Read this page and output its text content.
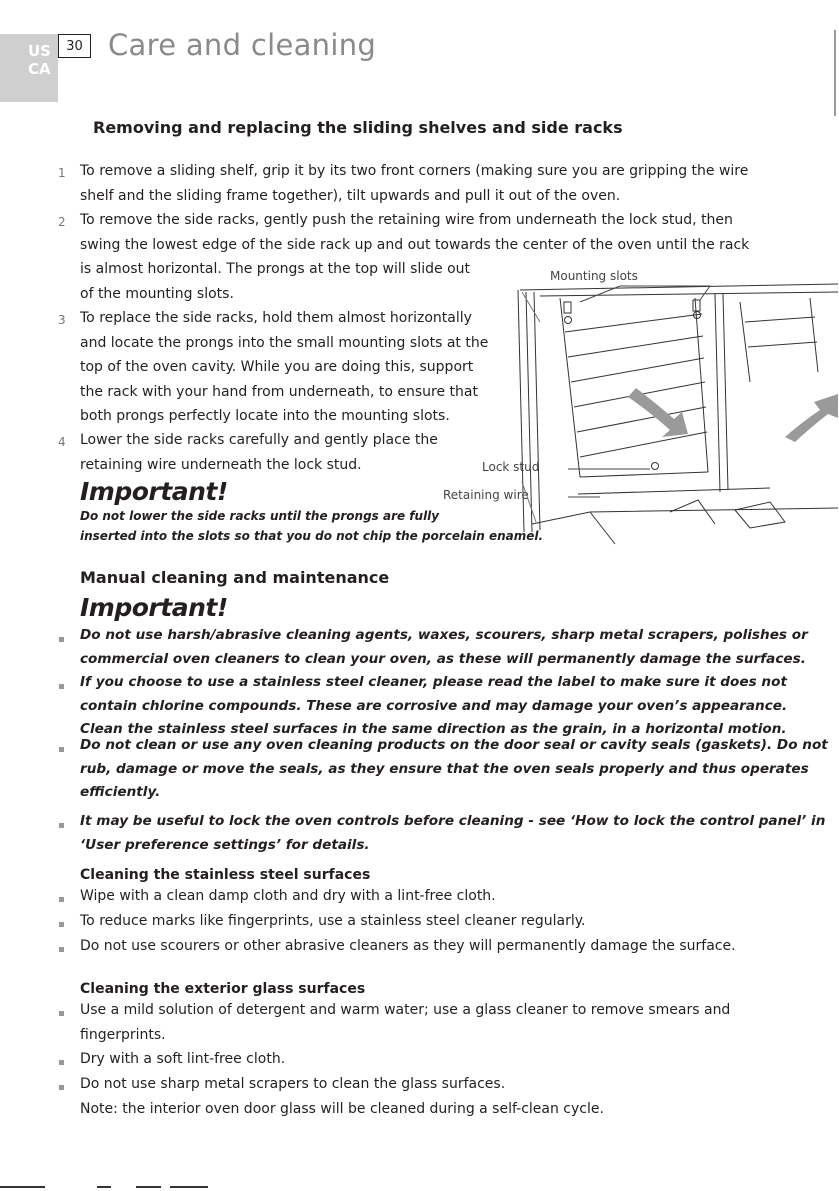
US
CA
30 Care and cleaning
Removing and replacing the sliding shelves and side racks
1 To remove a sliding shelf, grip it by its two front corners (making sure you are gripping the wire
shelf and the sliding frame together), tilt upwards and pull it out of the oven.
2 To remove the side racks, gently push the retaining wire from underneath the lock stud, then
swing the lowest edge of the side rack up and out towards the center of the oven until the rack
is almost horizontal. The prongs at the top will slide out
of the mounting slots.
3 To replace the side racks, hold them almost horizontally
and locate the prongs into the small mounting slots at the
top of the oven cavity. While you are doing this, support
the rack with your hand from underneath, to ensure that
both prongs perfectly locate into the mounting slots.
4 Lower the side racks carefully and gently place the
retaining wire underneath the lock stud.
Important!
Do not lower the side racks until the prongs are fully
inserted into the slots so that you do not chip the porcelain enamel.
Mounting slots
Lock stud
Retaining wire
Manual cleaning and maintenance
Important!
Do not use harsh/abrasive cleaning agents, waxes, scourers, sharp metal scrapers, polishes or
commercial oven cleaners to clean your oven, as these will permanently damage the surfaces.
If you choose to use a stainless steel cleaner, please read the label to make sure it does not
contain chlorine compounds. These are corrosive and may damage your oven’s appearance.
Clean the stainless steel surfaces in the same direction as the grain, in a horizontal motion.
Do not clean or use any oven cleaning products on the door seal or cavity seals (gaskets). Do not
rub, damage or move the seals, as they ensure that the oven seals properly and thus operates
efficiently.
It may be useful to lock the oven controls before cleaning - see ‘How to lock the control panel’ in
‘User preference settings’ for details.
Cleaning the stainless steel surfaces
Wipe with a clean damp cloth and dry with a lint-free cloth.
To reduce marks like fingerprints, use a stainless steel cleaner regularly.
Do not use scourers or other abrasive cleaners as they will permanently damage the surface.
Cleaning the exterior glass surfaces
Use a mild solution of detergent and warm water; use a glass cleaner to remove smears and
fingerprints.
Dry with a soft lint-free cloth.
Do not use sharp metal scrapers to clean the glass surfaces.
Note: the interior oven door glass will be cleaned during a self-clean cycle.
